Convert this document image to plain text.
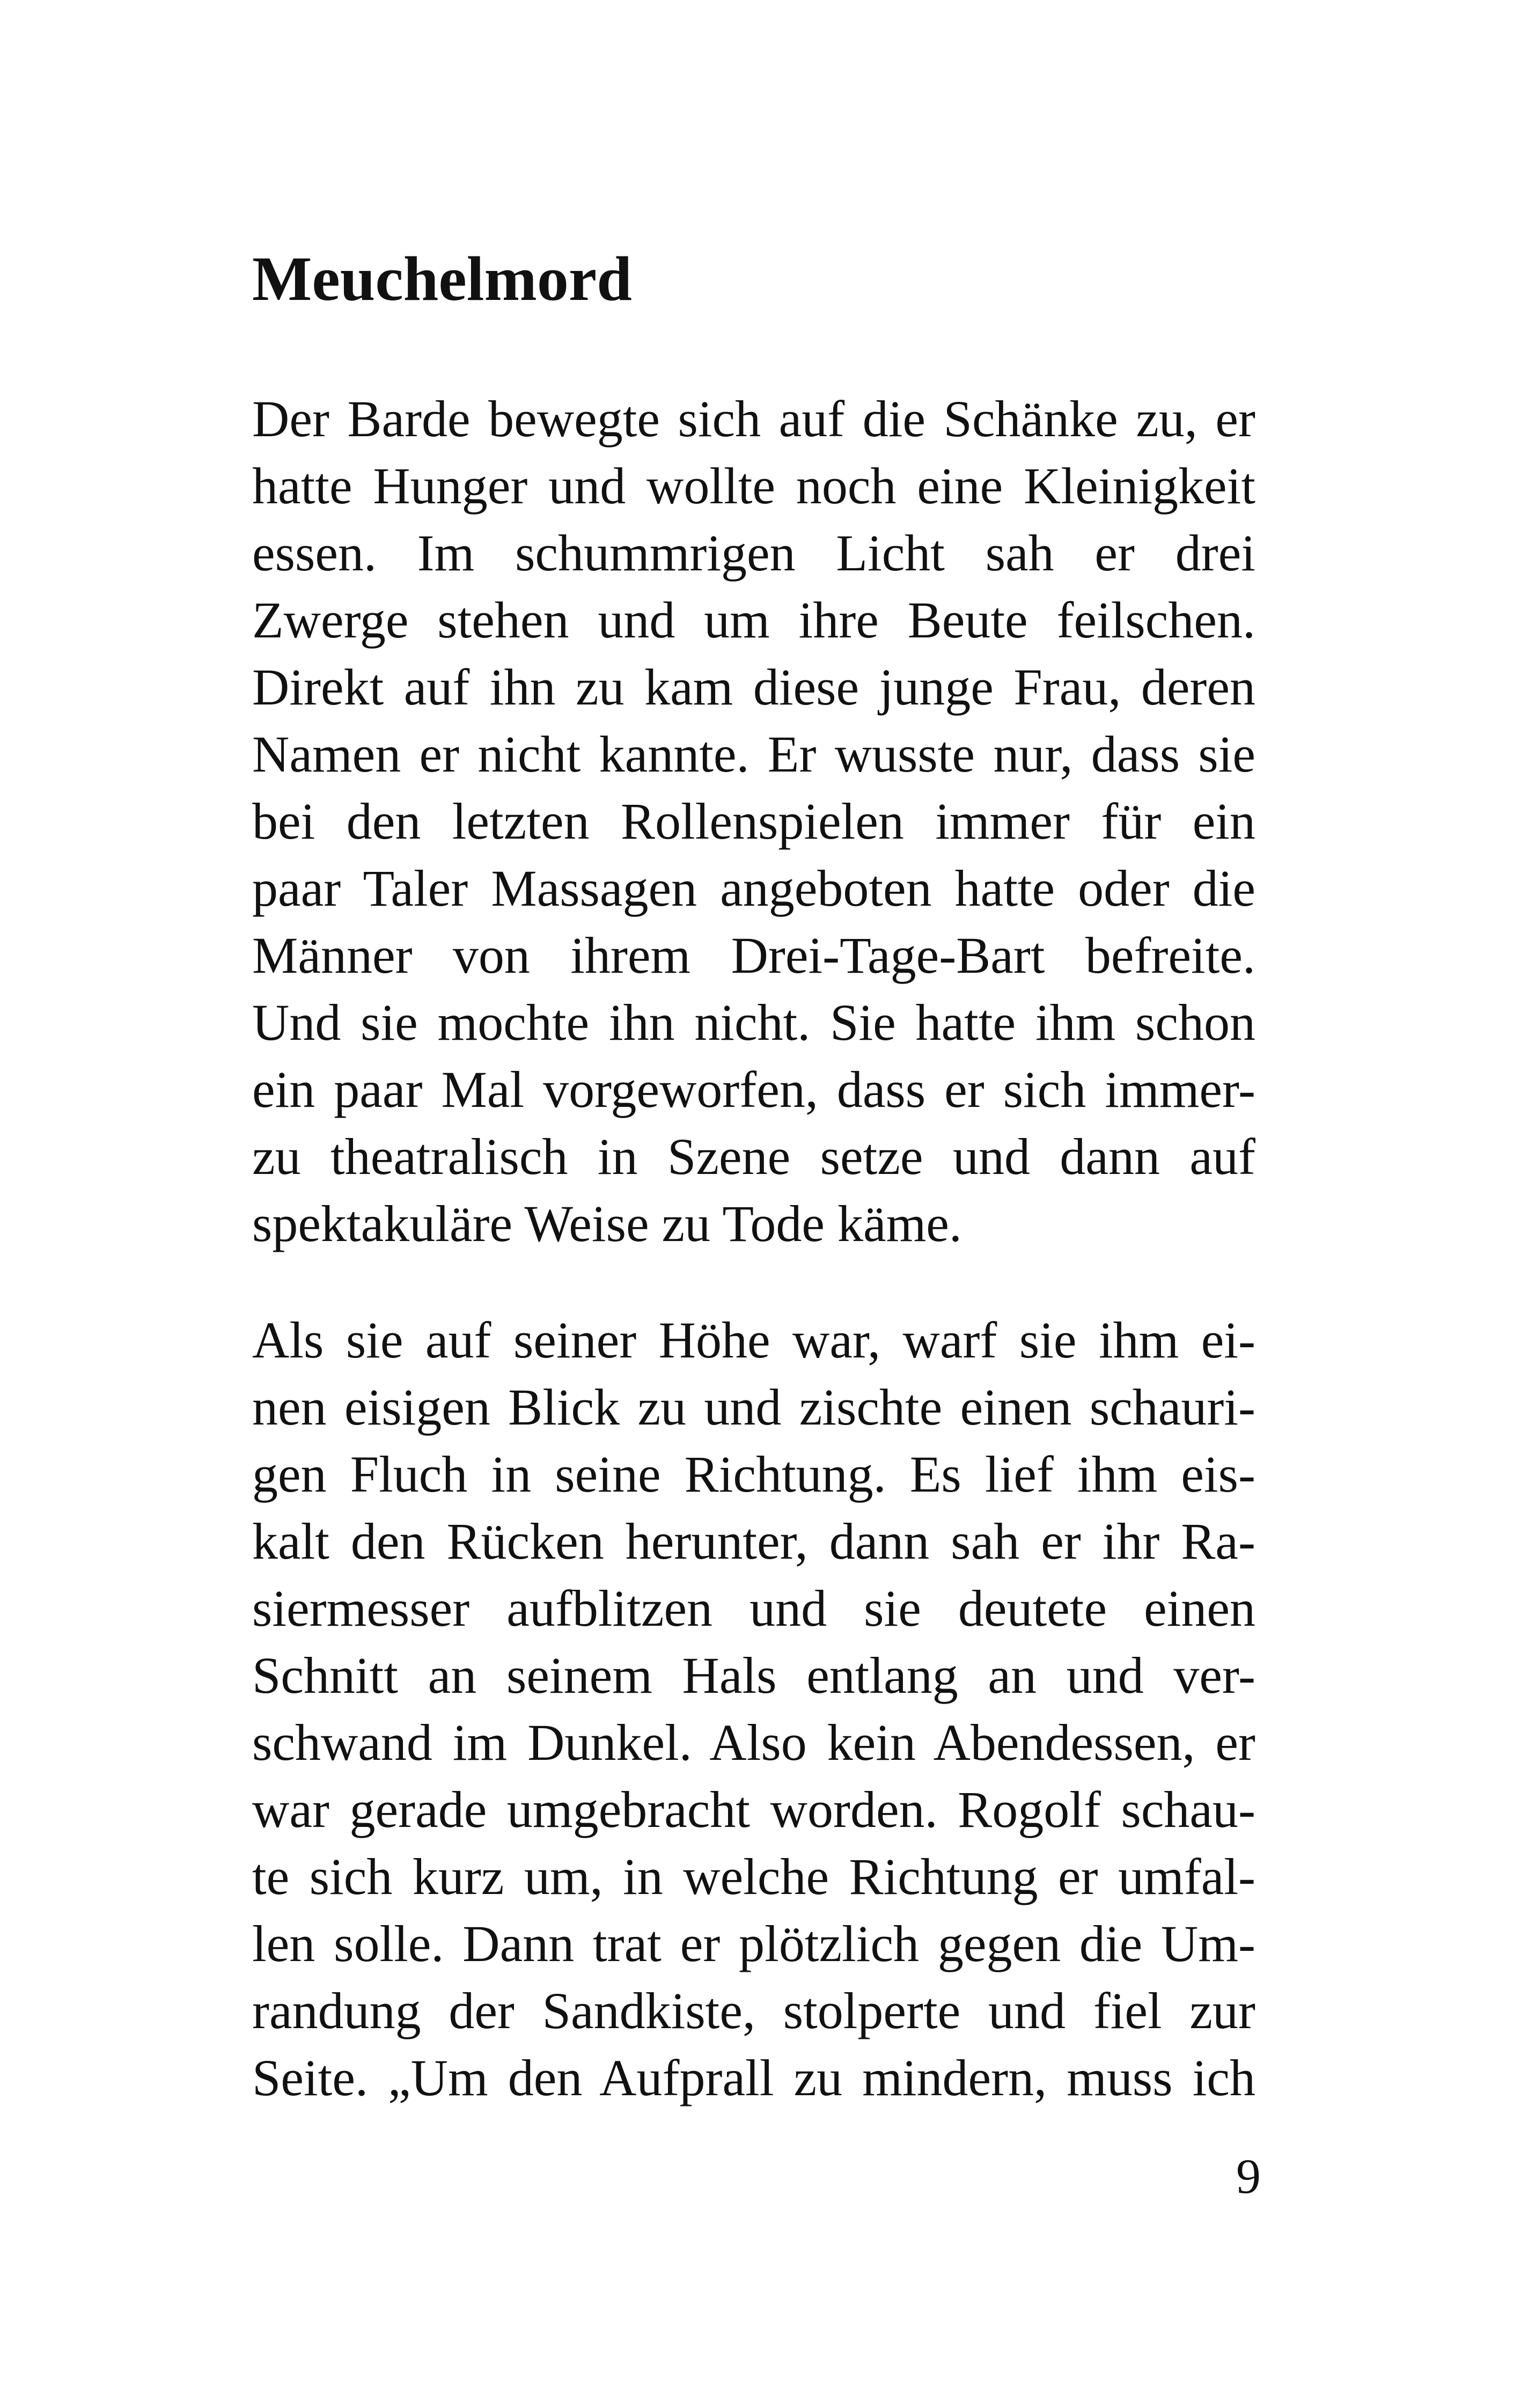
Meuchelmord
Der Barde bewegte sich auf die Schänke zu, er
hatte Hunger und wollte noch eine Kleinigkeit
essen. Im schummrigen Licht sah er drei
Zwerge stehen und um ihre Beute feilschen.
Direkt auf ihn zu kam diese junge Frau, deren
Namen er nicht kannte. Er wusste nur, dass sie
bei den letzten Rollenspielen immer für ein
paar Taler Massagen angeboten hatte oder die
Männer von ihrem Drei-Tage-Bart befreite.
Und sie mochte ihn nicht. Sie hatte ihm schon
ein paar Mal vorgeworfen, dass er sich immer-
zu theatralisch in Szene setze und dann auf
spektakuläre Weise zu Tode käme.
Als sie auf seiner Höhe war, warf sie ihm ei-
nen eisigen Blick zu und zischte einen schauri-
gen Fluch in seine Richtung. Es lief ihm eis-
kalt den Rücken herunter, dann sah er ihr Ra-
siermesser aufblitzen und sie deutete einen
Schnitt an seinem Hals entlang an und ver-
schwand im Dunkel. Also kein Abendessen, er
war gerade umgebracht worden. Rogolf schau-
te sich kurz um, in welche Richtung er umfal-
len solle. Dann trat er plötzlich gegen die Um-
randung der Sandkiste, stolperte und fiel zur
Seite. „Um den Aufprall zu mindern, muss ich
9
